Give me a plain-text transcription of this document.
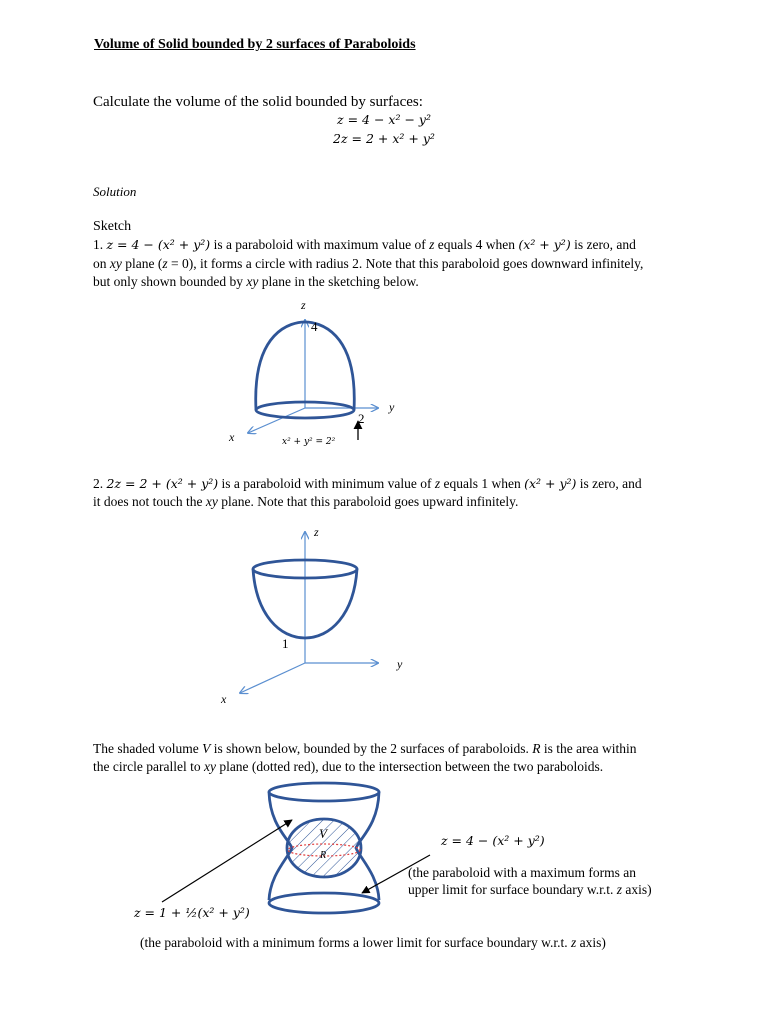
Volume of Solid bounded by 2 surfaces of Paraboloids
Calculate the volume of the solid bounded by surfaces:
z = 4 − x² − y²
2z = 2 + x² + y²
Solution
Sketch
1. z = 4 − (x² + y²) is a paraboloid with maximum value of z equals 4 when (x² + y²) is zero, and
on xy plane (z = 0), it forms a circle with radius 2. Note that this paraboloid goes downward infinitely,
but only shown bounded by xy plane in the sketching below.
z
4
y
2
x	x² + y² = 2²
2. 2z = 2 + (x² + y²) is a paraboloid with minimum value of z equals 1 when (x² + y²) is zero, and
it does not touch the xy plane. Note that this paraboloid goes upward infinitely.
z
1
y
x
The shaded volume V is shown below, bounded by the 2 surfaces of paraboloids. R is the area within
the circle parallel to xy plane (dotted red), due to the intersection between the two paraboloids.
V
R
z = 4 − (x² + y²)
(the paraboloid with a maximum forms an
upper limit for surface boundary w.r.t. z axis)
z = 1 + ½(x² + y²)
(the paraboloid with a minimum forms a lower limit for surface boundary w.r.t. z axis)
